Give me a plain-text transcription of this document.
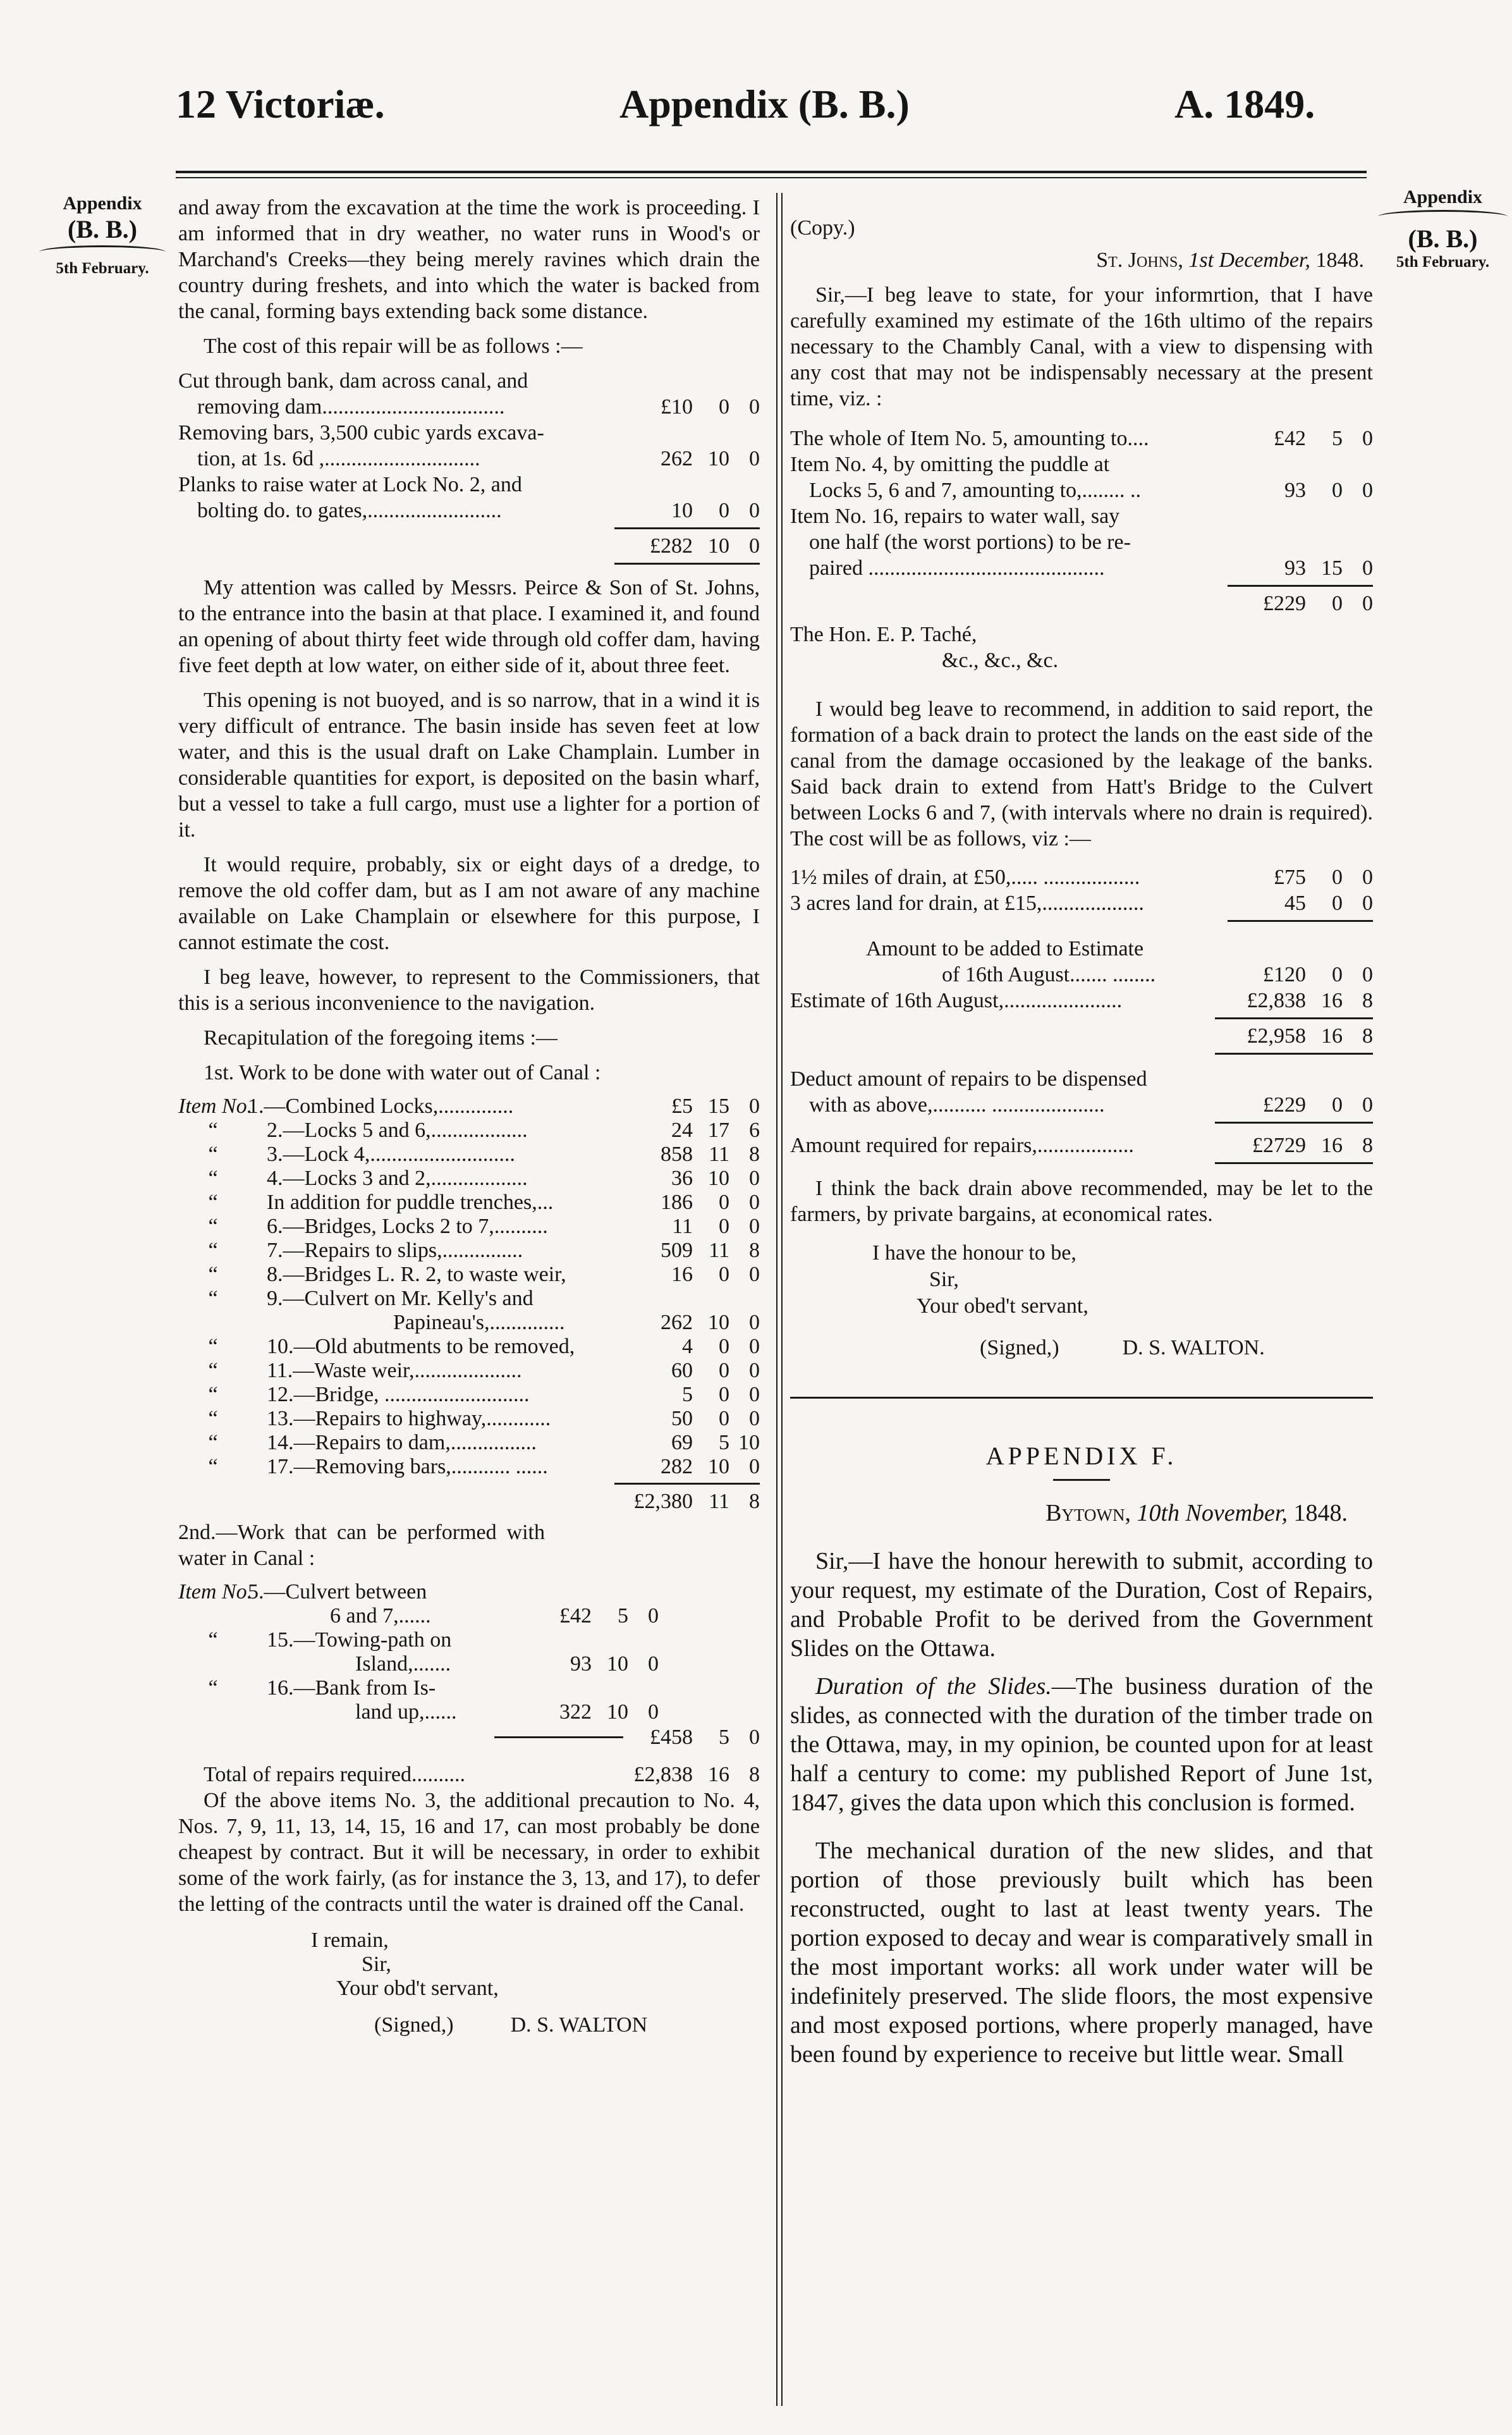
12 Victoriæ.	Appendix (B. B.)	A. 1849.
Appendix
(B. B.)
5th February.
Appendix
(B. B.)
5th February.

and away from the excavation at the time the work is proceeding. I am informed that in dry weather, no water runs in Wood's or Marchand's Creeks—they being merely ravines which drain the country during freshets, and into which the water is backed from the canal, forming bays extending back some distance.

The cost of this repair will be as follows :—

Cut through bank, dam across canal, and
removing dam..................................	£10	0 0
Removing bars, 3,500 cubic yards excava-
tion, at 1s. 6d ,.............................	262 10 0
Planks to raise water at Lock No. 2, and
bolting do. to gates,.........................	10	0 0
£282 10 0

My attention was called by Messrs. Peirce & Son of St. Johns, to the entrance into the basin at that place. I examined it, and found an opening of about thirty feet wide through old coffer dam, having five feet depth at low water, on either side of it, about three feet.

This opening is not buoyed, and is so narrow, that in a wind it is very difficult of entrance. The basin inside has seven feet at low water, and this is the usual draft on Lake Champlain. Lumber in considerable quantities for export, is deposited on the basin wharf, but a vessel to take a full cargo, must use a lighter for a portion of it.

It would require, probably, six or eight days of a dredge, to remove the old coffer dam, but as I am not aware of any machine available on Lake Champlain or elsewhere for this purpose, I cannot estimate the cost.

I beg leave, however, to represent to the Commissioners, that this is a serious inconvenience to the navigation.

Recapitulation of the foregoing items :—

1st. Work to be done with water out of Canal :

Item No.
1.—Combined Locks,..............	£5 15 0
“	2.—Locks 5 and 6,..................	24 17 6
“	3.—Lock 4,...........................	858 11 8
“	4.—Locks 3 and 2,..................	36 10 0
“	In addition for puddle trenches,...	186	0 0
“	6.—Bridges, Locks 2 to 7,..........	11	0 0
“	7.—Repairs to slips,...............	509 11 8
“	8.—Bridges L. R. 2, to waste weir,	16	0 0
“	9.—Culvert on Mr. Kelly's and
Papineau's,..............	262 10 0
“	10.—Old abutments to be removed,	4	0 0
“	11.—Waste weir,....................	60	0 0
“	12.—Bridge, ...........................	5	0 0
“	13.—Repairs to highway,............	50	0 0
“	14.—Repairs to dam,................	69	5 10
“	17.—Removing bars,........... ......	282 10 0
£2,380 11 8

2nd.—Work that can be performed with water in Canal :

Item No.
5.—Culvert between
6 and 7,......	£42	5 0
“	15.—Towing-path on
Island,.......	93 10 0
“	16.—Bank from Is-
land up,......	322 10 0
£458	5 0
Total of repairs required..........	£2,838 16 8

Of the above items No. 3, the additional precaution to No. 4, Nos. 7, 9, 11, 13, 14, 15, 16 and 17, can most probably be done cheapest by contract. But it will be necessary, in order to exhibit some of the work fairly, (as for instance the 3, 13, and 17), to defer the letting of the contracts until the water is drained off the Canal.

I remain,
Sir,
Your obd't servant,
(Signed,)	D. S. WALTON
(Copy.)
St. Johns, 1st December, 1848.

Sir,—I beg leave to state, for your informrtion, that I have carefully examined my estimate of the 16th ultimo of the repairs necessary to the Chambly Canal, with a view to dispensing with any cost that may not be indispensably necessary at the present time, viz. :

The whole of Item No. 5, amounting to....	£42	5 0
Item No. 4, by omitting the puddle at
Locks 5, 6 and 7, amounting to,........ ..	93	0 0
Item No. 16, repairs to water wall, say
one half (the worst portions) to be re-
paired ............................................	93 15 0
£229	0 0
The Hon. E. P. Taché,
&c., &c., &c.

I would beg leave to recommend, in addition to said report, the formation of a back drain to protect the lands on the east side of the canal from the damage occasioned by the leakage of the banks. Said back drain to extend from Hatt's Bridge to the Culvert between Locks 6 and 7, (with intervals where no drain is required). The cost will be as follows, viz :—

1½ miles of drain, at £50,..... ..................	£75	0 0
3 acres land for drain, at £15,...................	45	0 0
Amount to be added to Estimate
of 16th August....... ........	£120	0 0
Estimate of 16th August,......................	£2,838 16 8
£2,958 16 8
Deduct amount of repairs to be dispensed
with as above,.......... .....................	£229	0 0
Amount required for repairs,..................	£2729 16 8

I think the back drain above recommended, may be let to the farmers, by private bargains, at economical rates.

I have the honour to be,
Sir,
Your obed't servant,
(Signed,)	D. S. WALTON.
APPENDIX F.
Bytown, 10th November, 1848.

Sir,—I have the honour herewith to submit, according to your request, my estimate of the Duration, Cost of Repairs, and Probable Profit to be derived from the Government Slides on the Ottawa.

Duration of the Slides.—The business duration of the slides, as connected with the duration of the timber trade on the Ottawa, may, in my opinion, be counted upon for at least half a century to come: my published Report of June 1st, 1847, gives the data upon which this conclusion is formed.

The mechanical duration of the new slides, and that portion of those previously built which has been reconstructed, ought to last at least twenty years. The portion exposed to decay and wear is comparatively small in the most important works: all work under water will be indefinitely preserved. The slide floors, the most expensive and most exposed portions, where properly managed, have been found by experience to receive but little wear. Small
